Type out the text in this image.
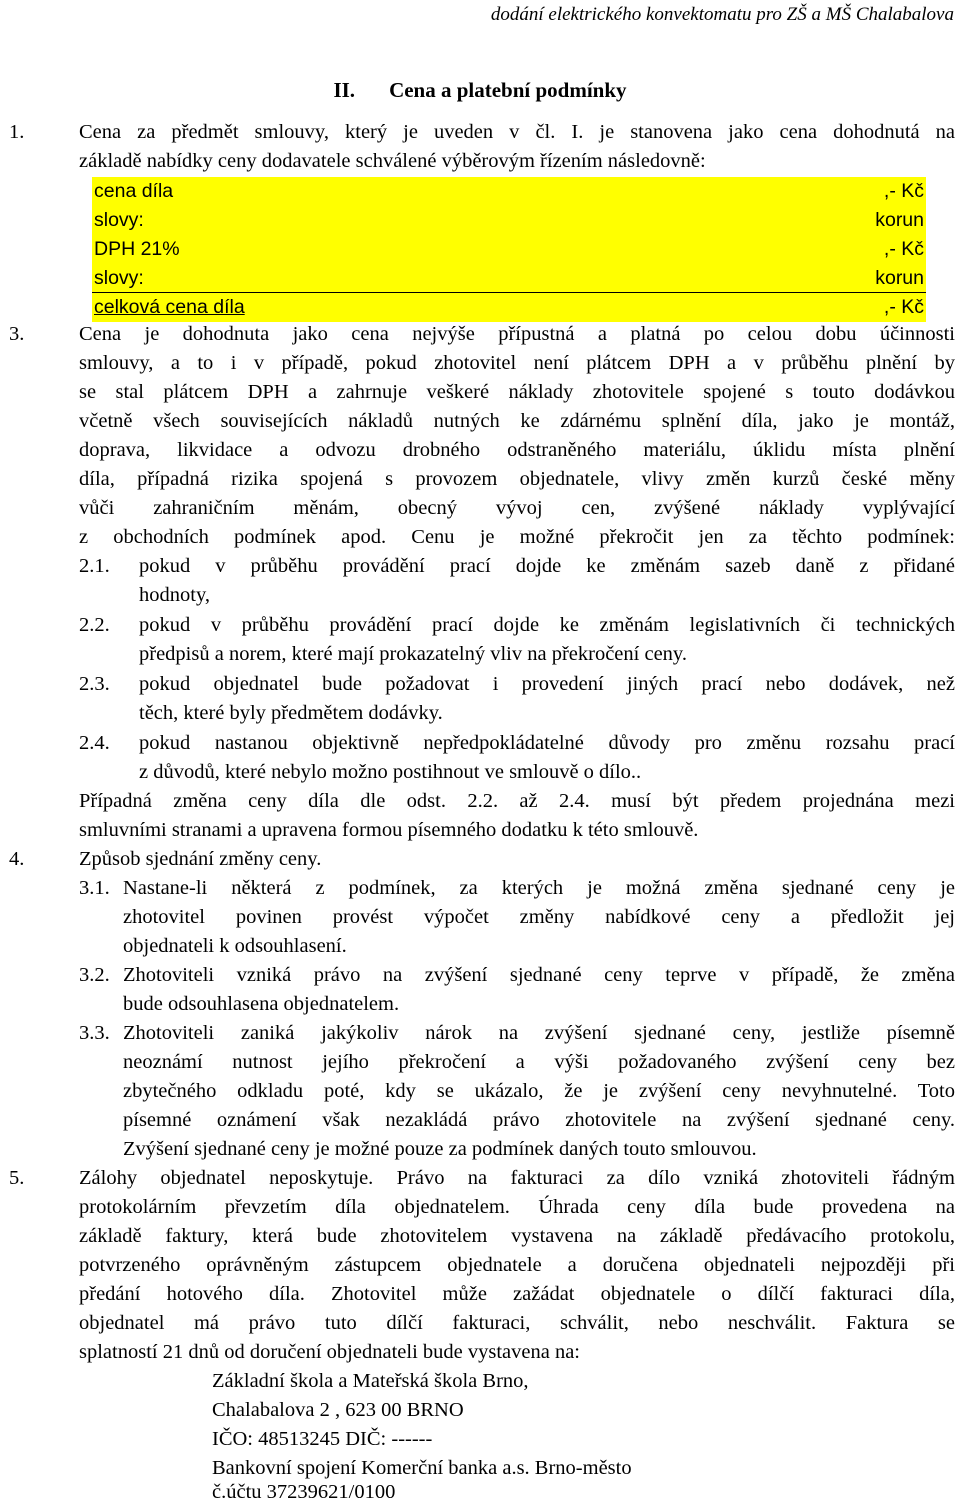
dodání elektrického konvektomatu pro ZŠ a MŠ Chalabalova
II. Cena a platební podmínky
1.	Cena za předmět smlouvy, který je uveden v čl. I. je stanovena jako cena dohodnutá na
základě nabídky ceny dodavatele schválené výběrovým řízením následovně:
cena díla	,- Kč
slovy:	korun
DPH 21%	,- Kč
slovy:	korun
celková cena díla	,- Kč
3.	Cena je dohodnuta jako cena nejvýše přípustná a platná po celou dobu účinnosti
smlouvy, a to i v případě, pokud zhotovitel není plátcem DPH a v průběhu plnění by
se stal plátcem DPH a zahrnuje veškeré náklady zhotovitele spojené s touto dodávkou
včetně všech souvisejících nákladů nutných ke zdárnému splnění díla, jako je montáž,
doprava, likvidace a odvozu drobného odstraněného materiálu, úklidu místa plnění
díla, případná rizika spojená s provozem objednatele, vlivy změn kurzů české měny
vůči zahraničním měnám, obecný vývoj cen, zvýšené náklady vyplývající
z obchodních podmínek apod. Cenu je možné překročit jen za těchto podmínek:
2.1. pokud v průběhu provádění prací dojde ke změnám sazeb daně z přidané
hodnoty,
2.2. pokud v průběhu provádění prací dojde ke změnám legislativních či technických
předpisů a norem, které mají prokazatelný vliv na překročení ceny.
2.3. pokud objednatel bude požadovat i provedení jiných prací nebo dodávek, než
těch, které byly předmětem dodávky.
2.4. pokud nastanou objektivně nepředpokládatelné důvody pro změnu rozsahu prací
z důvodů, které nebylo možno postihnout ve smlouvě o dílo..
Případná změna ceny díla dle odst. 2.2. až 2.4. musí být předem projednána mezi
smluvními stranami a upravena formou písemného dodatku k této smlouvě.
4.	Způsob sjednání změny ceny.
3.1. Nastane-li některá z podmínek, za kterých je možná změna sjednané ceny je
zhotovitel povinen provést výpočet změny nabídkové ceny a předložit jej
objednateli k odsouhlasení.
3.2. Zhotoviteli vzniká právo na zvýšení sjednané ceny teprve v případě, že změna
bude odsouhlasena objednatelem.
3.3. Zhotoviteli zaniká jakýkoliv nárok na zvýšení sjednané ceny, jestliže písemně
neoznámí nutnost jejího překročení a výši požadovaného zvýšení ceny bez
zbytečného odkladu poté, kdy se ukázalo, že je zvýšení ceny nevyhnutelné. Toto
písemné oznámení však nezakládá právo zhotovitele na zvýšení sjednané ceny.
Zvýšení sjednané ceny je možné pouze za podmínek daných touto smlouvou.
5.	Zálohy objednatel neposkytuje. Právo na fakturaci za dílo vzniká zhotoviteli řádným
protokolárním převzetím díla objednatelem. Úhrada ceny díla bude provedena na
základě faktury, která bude zhotovitelem vystavena na základě předávacího protokolu,
potvrzeného oprávněným zástupcem objednatele a doručena objednateli nejpozději při
předání hotového díla. Zhotovitel může zažádat objednatele o dílčí fakturaci díla,
objednatel má právo tuto dílčí fakturaci, schválit, nebo neschválit. Faktura se
splatností 21 dnů od doručení objednateli bude vystavena na:
Základní škola a Mateřská škola Brno,
Chalabalova 2 , 623 00 BRNO
IČO: 48513245 DIČ: ------
Bankovní spojení Komerční banka a.s. Brno-město
č.účtu 37239621/0100
